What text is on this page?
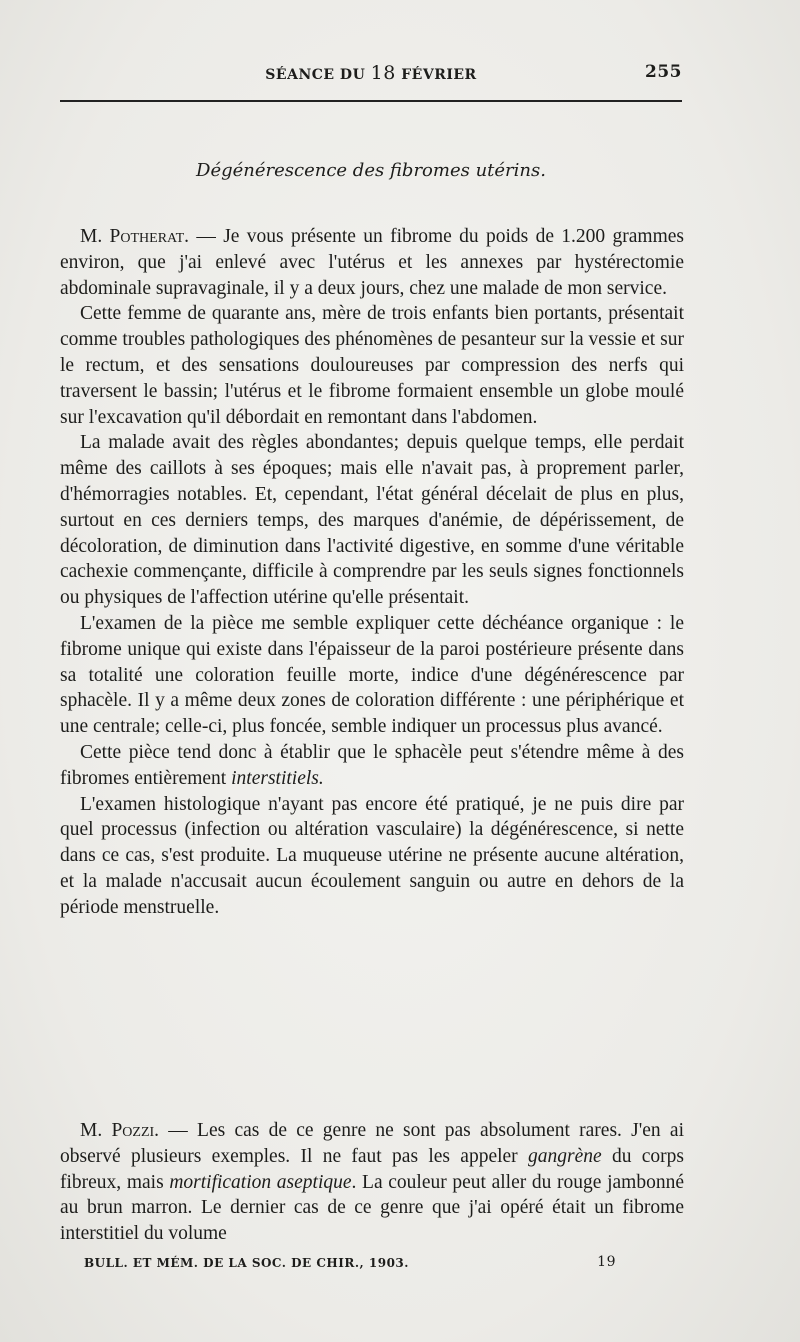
SÉANCE DU 18 FÉVRIER	255
Dégénérescence des fibromes utérins.

M. Potherat. — Je vous présente un fibrome du poids de 1.200 grammes environ, que j'ai enlevé avec l'utérus et les annexes par hystérectomie abdominale supravaginale, il y a deux jours, chez une malade de mon service.

Cette femme de quarante ans, mère de trois enfants bien portants, présentait comme troubles pathologiques des phénomènes de pesanteur sur la vessie et sur le rectum, et des sensations douloureuses par compression des nerfs qui traversent le bassin; l'utérus et le fibrome formaient ensemble un globe moulé sur l'excavation qu'il débordait en remontant dans l'abdomen.

La malade avait des règles abondantes; depuis quelque temps, elle perdait même des caillots à ses époques; mais elle n'avait pas, à proprement parler, d'hémorragies notables. Et, cependant, l'état général décelait de plus en plus, surtout en ces derniers temps, des marques d'anémie, de dépérissement, de décoloration, de diminution dans l'activité digestive, en somme d'une véritable cachexie commençante, difficile à comprendre par les seuls signes fonctionnels ou physiques de l'affection utérine qu'elle présentait.

L'examen de la pièce me semble expliquer cette déchéance organique : le fibrome unique qui existe dans l'épaisseur de la paroi postérieure présente dans sa totalité une coloration feuille morte, indice d'une dégénérescence par sphacèle. Il y a même deux zones de coloration différente : une périphérique et une centrale; celle-ci, plus foncée, semble indiquer un processus plus avancé.

Cette pièce tend donc à établir que le sphacèle peut s'étendre même à des fibromes entièrement interstitiels.

L'examen histologique n'ayant pas encore été pratiqué, je ne puis dire par quel processus (infection ou altération vasculaire) la dégénérescence, si nette dans ce cas, s'est produite. La muqueuse utérine ne présente aucune altération, et la malade n'accusait aucun écoulement sanguin ou autre en dehors de la période menstruelle.

M. Pozzi. — Les cas de ce genre ne sont pas absolument rares. J'en ai observé plusieurs exemples. Il ne faut pas les appeler gangrène du corps fibreux, mais mortification aseptique. La couleur peut aller du rouge jambonné au brun marron. Le dernier cas de ce genre que j'ai opéré était un fibrome interstitiel du volume

BULL. ET MÉM. DE LA SOC. DE CHIR., 1903.	19
